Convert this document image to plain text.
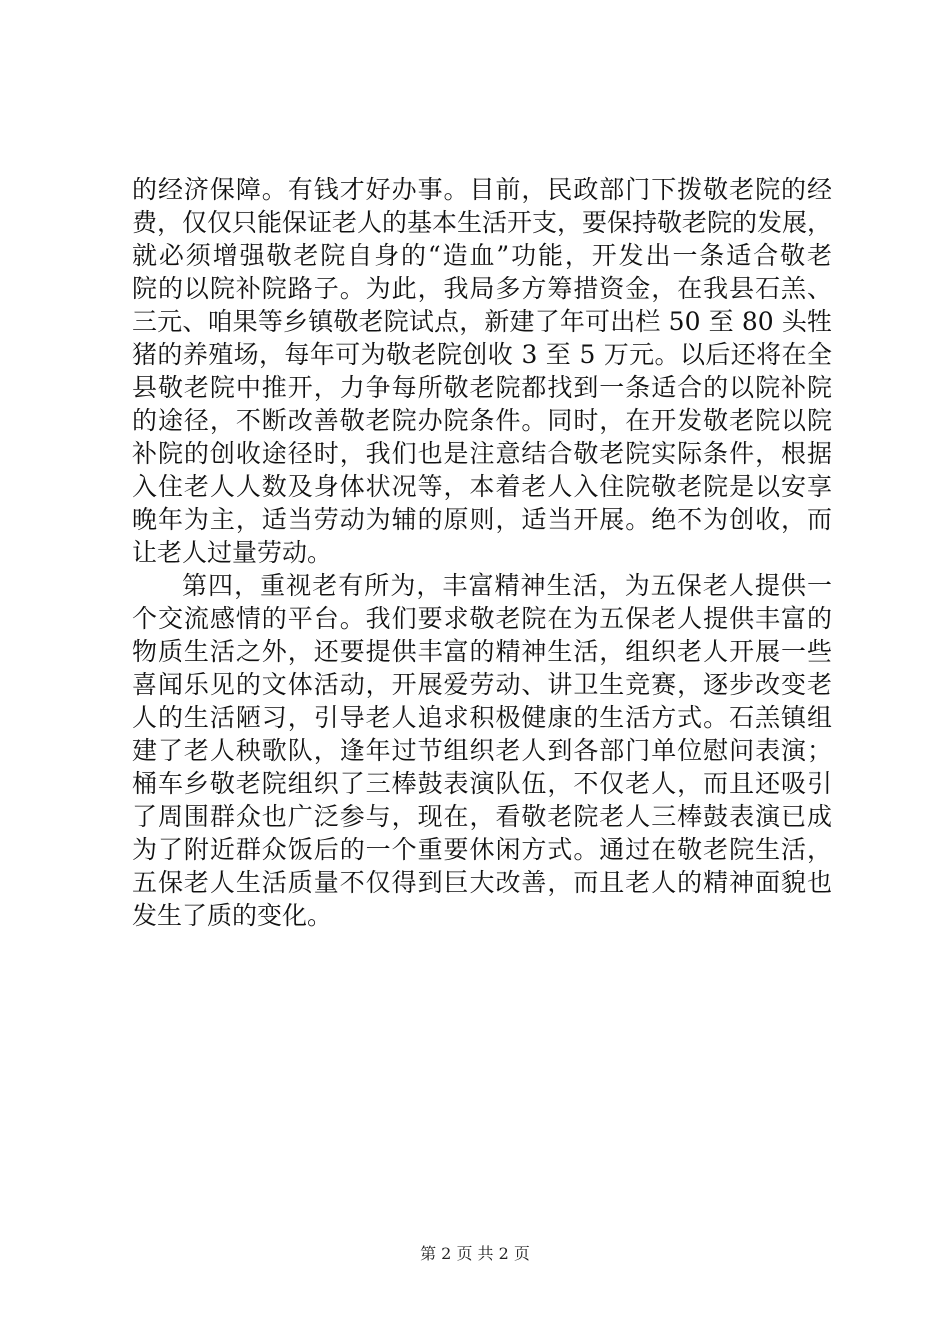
的经济保障。有钱才好办事。目前，民政部门下拨敬老院的经
费，仅仅只能保证老人的基本生活开支，要保持敬老院的发展，
就必须增强敬老院自身的“造血”功能，开发出一条适合敬老
院的以院补院路子。为此，我局多方筹措资金，在我县石羔、
三元、咱果等乡镇敬老院试点，新建了年可出栏 50 至 80 头牲
猪的养殖场，每年可为敬老院创收 3 至 5 万元。以后还将在全
县敬老院中推开，力争每所敬老院都找到一条适合的以院补院
的途径，不断改善敬老院办院条件。同时，在开发敬老院以院
补院的创收途径时，我们也是注意结合敬老院实际条件，根据
入住老人人数及身体状况等，本着老人入住院敬老院是以安享
晚年为主，适当劳动为辅的原则，适当开展。绝不为创收，而
让老人过量劳动。
第四，重视老有所为，丰富精神生活，为五保老人提供一
个交流感情的平台。我们要求敬老院在为五保老人提供丰富的
物质生活之外，还要提供丰富的精神生活，组织老人开展一些
喜闻乐见的文体活动，开展爱劳动、讲卫生竞赛，逐步改变老
人的生活陋习，引导老人追求积极健康的生活方式。石羔镇组
建了老人秧歌队，逢年过节组织老人到各部门单位慰问表演；
桶车乡敬老院组织了三棒鼓表演队伍，不仅老人，而且还吸引
了周围群众也广泛参与，现在，看敬老院老人三棒鼓表演已成
为了附近群众饭后的一个重要休闲方式。通过在敬老院生活，
五保老人生活质量不仅得到巨大改善，而且老人的精神面貌也
发生了质的变化。
第 2 页 共 2 页
